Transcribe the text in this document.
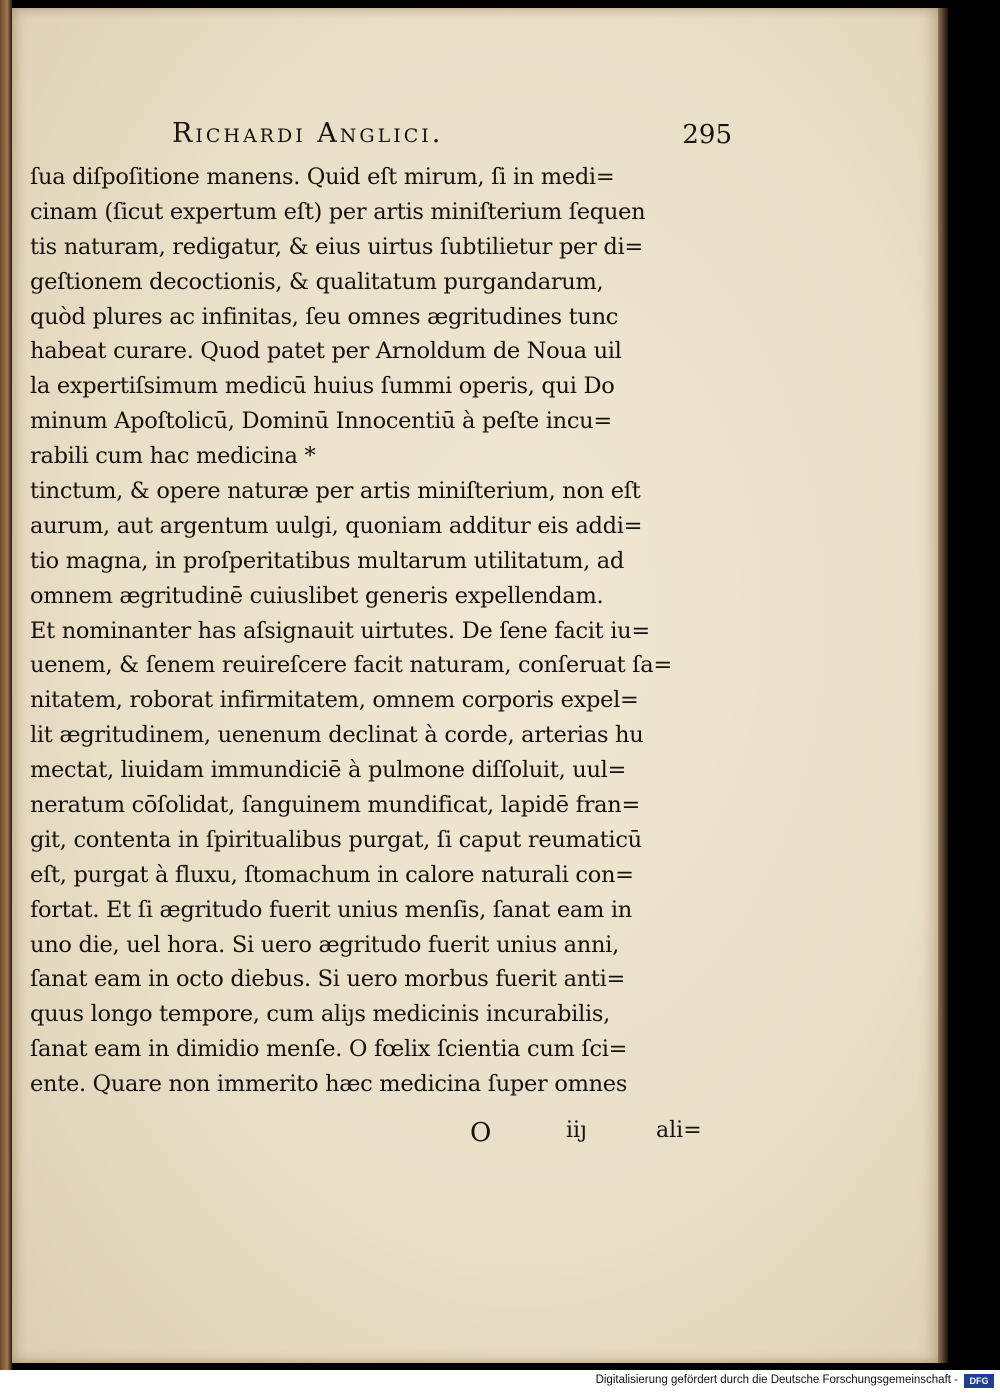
Richardi Anglici.	295
ſua diſpoſitione manens. Quid eſt mirum, ſi in medi=
cinam (ſicut expertum eſt) per artis miniſterium ſequen
tis naturam, redigatur, & eius uirtus ſubtilietur per di=
geſtionem decoctionis, & qualitatum purgandarum,
quòd plures ac infinitas, ſeu omnes ægritudines tunc
habeat curare. Quod patet per Arnoldum de Noua uil
la expertiſsimum medicū huius ſummi operis, qui Do
minum Apoſtolicū, Dominū Innocentiū à peſte incu=
rabili cum hac medicina *
tinctum, & opere naturæ per artis miniſterium, non eſt
aurum, aut argentum uulgi, quoniam additur eis addi=
tio magna, in proſperitatibus multarum utilitatum, ad
omnem ægritudinē cuiuslibet generis expellendam.
Et nominanter has aſsignauit uirtutes. De ſene facit iu=
uenem, & ſenem reuireſcere facit naturam, conſeruat ſa=
nitatem, roborat infirmitatem, omnem corporis expel=
lit ægritudinem, uenenum declinat à corde, arterias hu
mectat, liuidam immundiciē à pulmone diſſoluit, uul=
neratum cōſolidat, ſanguinem mundificat, lapidē fran=
git, contenta in ſpiritualibus purgat, ſi caput reumaticū
eſt, purgat à fluxu, ſtomachum in calore naturali con=
fortat. Et ſi ægritudo fuerit unius menſis, ſanat eam in
uno die, uel hora. Si uero ægritudo fuerit unius anni,
ſanat eam in octo diebus. Si uero morbus fuerit anti=
quus longo tempore, cum aliȷs medicinis incurabilis,
ſanat eam in dimidio menſe. O fœlix ſcientia cum ſci=
ente. Quare non immerito hæc medicina ſuper omnes
O	iiȷ	ali=
Digitalisierung gefördert durch die Deutsche Forschungsgemeinschaft -	DFG
